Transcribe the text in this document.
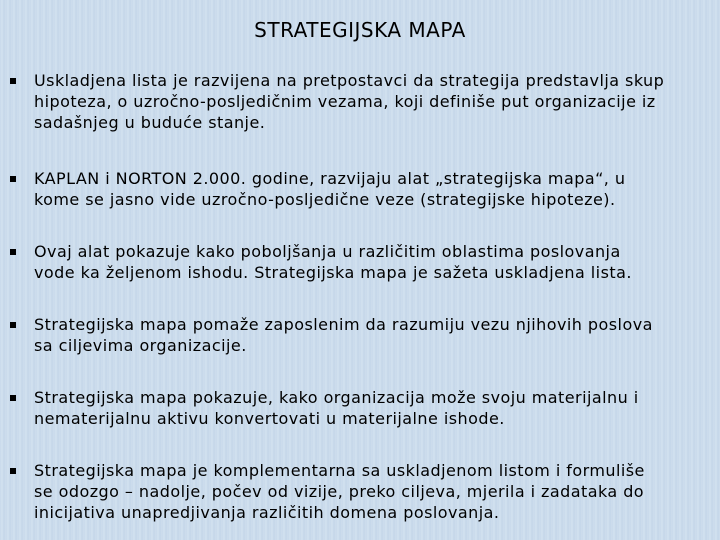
STRATEGIJSKA MAPA
Uskladjena lista je razvijena na pretpostavci da strategija predstavlja skup
hipoteza, o uzročno-posljedičnim vezama, koji definiše put organizacije iz
sadašnjeg u buduće stanje.
KAPLAN i NORTON 2.000. godine, razvijaju alat „strategijska mapa“, u
kome se jasno vide uzročno-posljedične veze (strategijske hipoteze).
Ovaj alat pokazuje kako poboljšanja u različitim oblastima poslovanja
vode ka željenom ishodu. Strategijska mapa je sažeta uskladjena lista.
Strategijska mapa pomaže zaposlenim da razumiju vezu njihovih poslova
sa ciljevima organizacije.
Strategijska mapa pokazuje, kako organizacija može svoju materijalnu i
nematerijalnu aktivu konvertovati u materijalne ishode.
Strategijska mapa je komplementarna sa uskladjenom listom i formuliše
se odozgo – nadolje, počev od vizije, preko ciljeva, mjerila i zadataka do
inicijativa unapredjivanja različitih domena poslovanja.
